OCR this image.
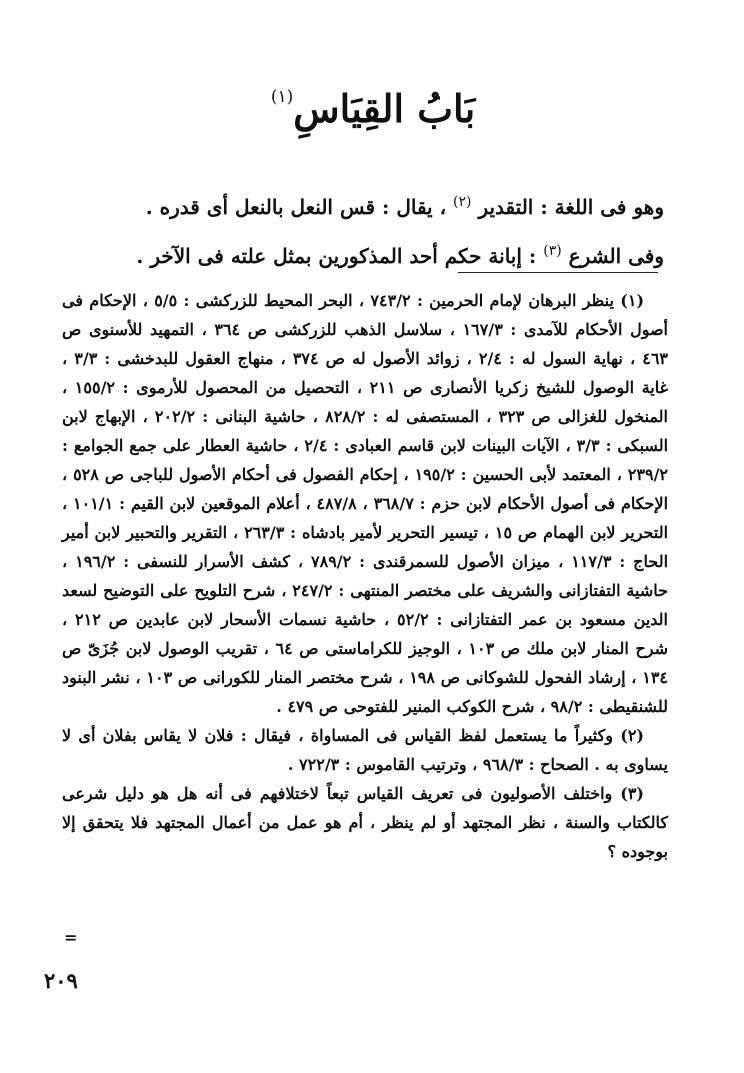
بَابُ القِيَاسِ$^{(١)}$
وهو فى اللغة : التقدير $^{(٢)}$ ، يقال : قس النعل بالنعل أى قدره .
وفى الشرع $^{(٣)}$ : إبانة حكم أحد المذكورين بمثل علته فى الآخر .

(١) ينظر البرهان لإمام الحرمين : ٧٤٣/٢ ، البحر المحيط للزركشى : ٥/٥ ، الإحكام فى أصول الأحكام للآمدى : ١٦٧/٣ ، سلاسل الذهب للزركشى ص ٣٦٤ ، التمهيد للأسنوى ص ٤٦٣ ، نهاية السول له : ٢/٤ ، زوائد الأصول له ص ٣٧٤ ، منهاج العقول للبدخشى : ٣/٣ ، غاية الوصول للشيخ زكريا الأنصارى ص ٢١١ ، التحصيل من المحصول للأرموى : ١٥٥/٢ ، المنخول للغزالى ص ٣٢٣ ، المستصفى له : ٨٢٨/٢ ، حاشية البنانى : ٢٠٢/٢ ، الإبهاج لابن السبكى : ٣/٣ ، الآيات البينات لابن قاسم العبادى : ٢/٤ ، حاشية العطار على جمع الجوامع : ٢٣٩/٢ ، المعتمد لأبى الحسين : ١٩٥/٢ ، إحكام الفصول فى أحكام الأصول للباجى ص ٥٢٨ ، الإحكام فى أصول الأحكام لابن حزم : ٣٦٨/٧ ، ٤٨٧/٨ ، أعلام الموقعين لابن القيم : ١٠١/١ ، التحرير لابن الهمام ص ١٥ ، تيسير التحرير لأمير بادشاه : ٢٦٣/٣ ، التقرير والتحبير لابن أمير الحاج : ١١٧/٣ ، ميزان الأصول للسمرقندى : ٧٨٩/٢ ، كشف الأسرار للنسفى : ١٩٦/٢ ، حاشية التفتازانى والشريف على مختصر المنتهى : ٢٤٧/٢ ، شرح التلويح على التوضيح لسعد الدين مسعود بن عمر التفتازانى : ٥٢/٢ ، حاشية نسمات الأسحار لابن عابدين ص ٢١٢ ، شرح المنار لابن ملك ص ١٠٣ ، الوجيز للكراماستى ص ٦٤ ، تقريب الوصول لابن جُزَىّ ص ١٣٤ ، إرشاد الفحول للشوكانى ص ١٩٨ ، شرح مختصر المنار للكورانى ص ١٠٣ ، نشر البنود للشنقيطى : ٩٨/٢ ، شرح الكوكب المنير للفتوحى ص ٤٧٩ .

(٢) وكثيراً ما يستعمل لفظ القياس فى المساواة ، فيقال : فلان لا يقاس بفلان أى لا يساوى به . الصحاح : ٩٦٨/٣ ، وترتيب القاموس : ٧٢٢/٣ .

(٣) واختلف الأصوليون فى تعريف القياس تبعاً لاختلافهم فى أنه هل هو دليل شرعى كالكتاب والسنة ، نظر المجتهد أو لم ينظر ، أم هو عمل من أعمال المجتهد فلا يتحقق إلا بوجوده ؟

=
٢٠٩
